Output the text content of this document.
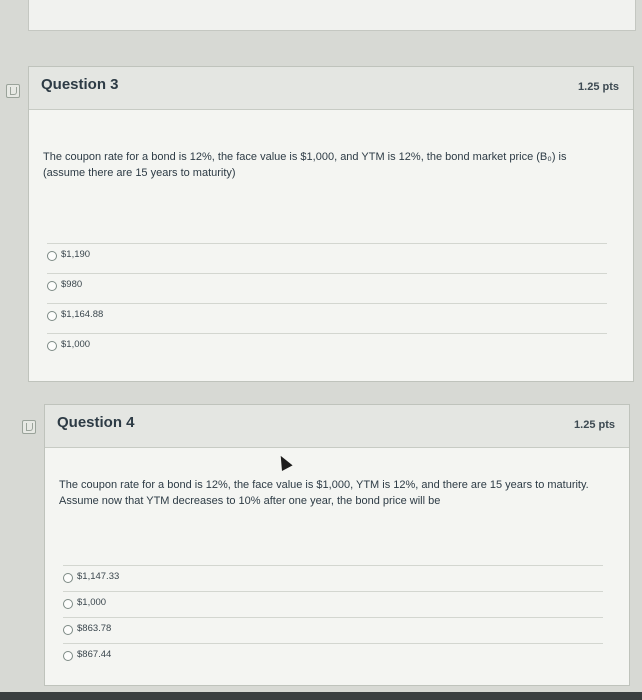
Question 3	1.25 pts
The coupon rate for a bond is 12%, the face value is $1,000, and YTM is 12%, the bond market price (B₀) is (assume there are 15 years to maturity)
$1,190
$980
$1,164.88
$1,000
Question 4	1.25 pts
The coupon rate for a bond is 12%, the face value is $1,000, YTM is 12%, and there are 15 years to maturity. Assume now that YTM decreases to 10% after one year, the bond price will be
$1,147.33
$1,000
$863.78
$867.44
